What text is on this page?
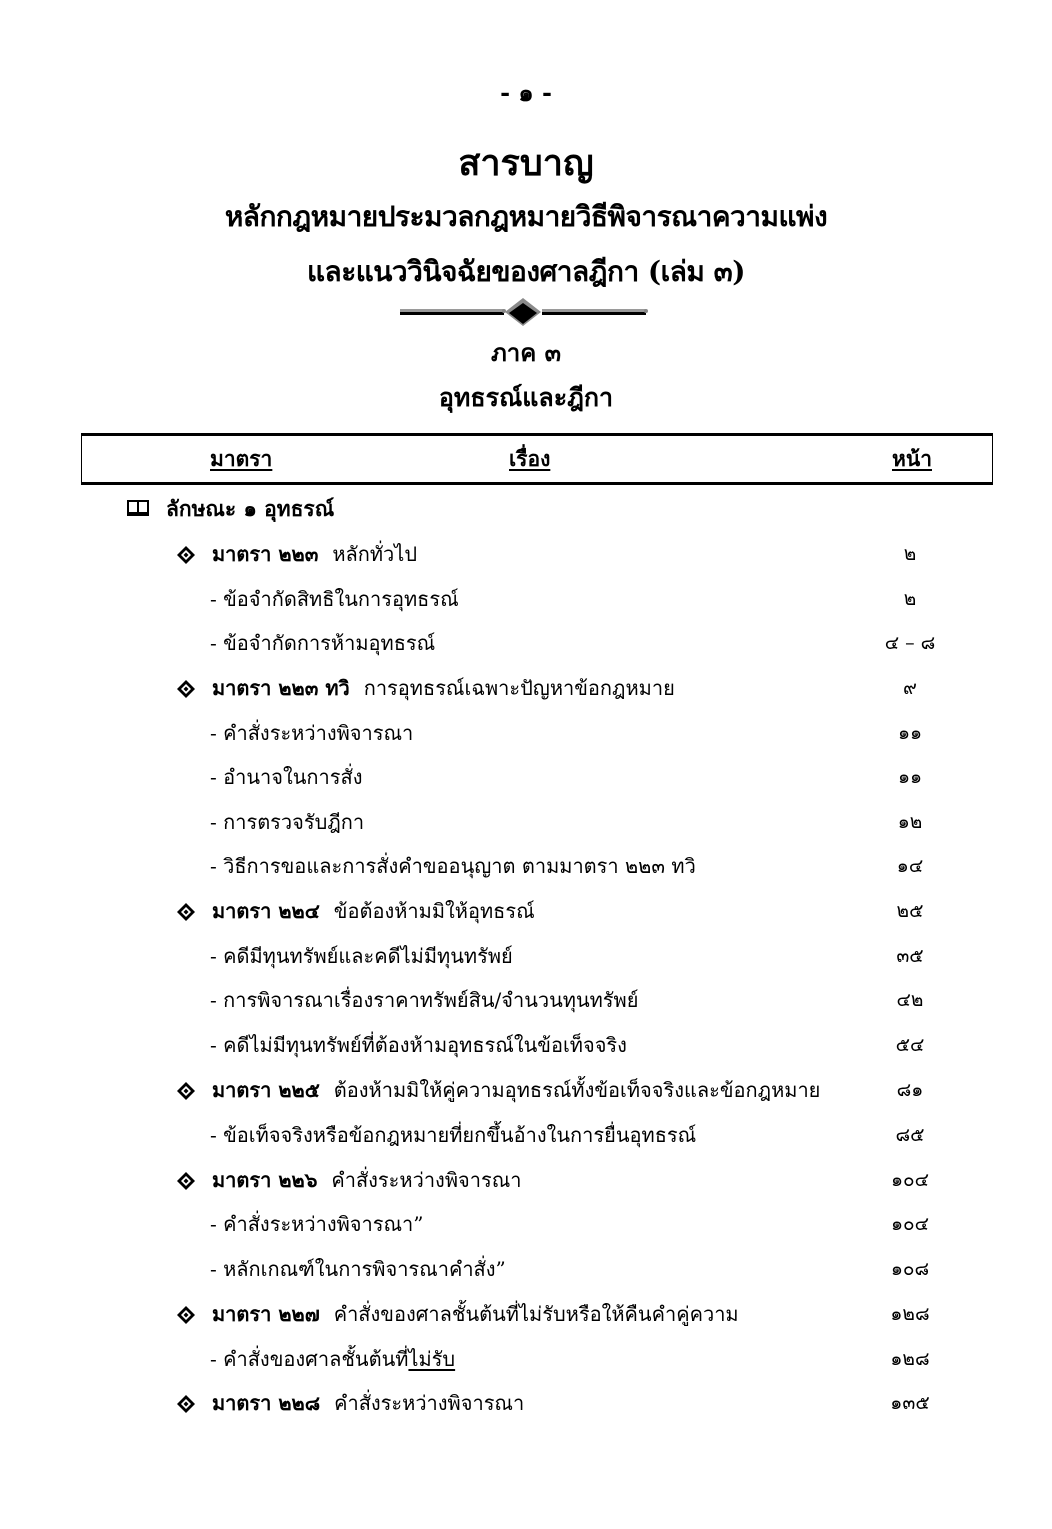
- ๑ -
สารบาญ
หลักกฎหมายประมวลกฎหมายวิธีพิจารณาความแพ่ง
และแนววินิจฉัยของศาลฎีกา (เล่ม ๓)
ภาค ๓
อุทธรณ์และฎีกา
มาตรา	เรื่อง	หน้า
ลักษณะ ๑ อุทธรณ์
มาตรา ๒๒๓ หลักทั่วไป	๒
- ข้อจำกัดสิทธิในการอุทธรณ์	๒
- ข้อจำกัดการห้ามอุทธรณ์	๔ – ๘
มาตรา ๒๒๓ ทวิ การอุทธรณ์เฉพาะปัญหาข้อกฎหมาย	๙
- คำสั่งระหว่างพิจารณา	๑๑
- อำนาจในการสั่ง	๑๑
- การตรวจรับฎีกา	๑๒
- วิธีการขอและการสั่งคำขออนุญาต ตามมาตรา ๒๒๓ ทวิ	๑๔
มาตรา ๒๒๔ ข้อต้องห้ามมิให้อุทธรณ์	๒๕
- คดีมีทุนทรัพย์และคดีไม่มีทุนทรัพย์	๓๕
- การพิจารณาเรื่องราคาทรัพย์สิน/จำนวนทุนทรัพย์	๔๒
- คดีไม่มีทุนทรัพย์ที่ต้องห้ามอุทธรณ์ในข้อเท็จจริง	๕๔
มาตรา ๒๒๕ ต้องห้ามมิให้คู่ความอุทธรณ์ทั้งข้อเท็จจริงและข้อกฎหมาย	๘๑
- ข้อเท็จจริงหรือข้อกฎหมายที่ยกขึ้นอ้างในการยื่นอุทธรณ์	๘๕
มาตรา ๒๒๖ คำสั่งระหว่างพิจารณา	๑๐๔
- คำสั่งระหว่างพิจารณา”	๑๐๔
- หลักเกณฑ์ในการพิจารณาคำสั่ง”	๑๐๘
มาตรา ๒๒๗ คำสั่งของศาลชั้นต้นที่ไม่รับหรือให้คืนคำคู่ความ	๑๒๘
- คำสั่งของศาลชั้นต้นที่ไม่รับ	๑๒๘
มาตรา ๒๒๘ คำสั่งระหว่างพิจารณา	๑๓๕
